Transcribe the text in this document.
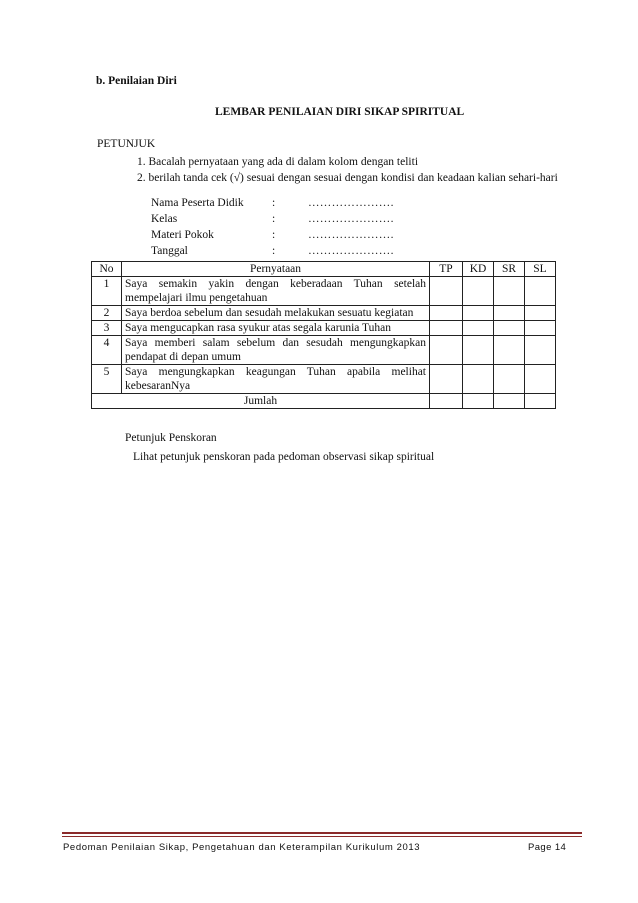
b. Penilaian Diri
LEMBAR PENILAIAN DIRI SIKAP SPIRITUAL
PETUNJUK
1. Bacalah pernyataan yang ada di dalam kolom dengan teliti
2. berilah tanda cek (√) sesuai dengan sesuai dengan kondisi dan keadaan kalian sehari-hari
Nama Peserta Didik :	………………….
Kelas	:	………………….
Materi Pokok	:	………………….
Tanggal	:	………………….
No	Pernyataan	TP	KD	SR	SL
1	Saya semakin yakin dengan keberadaan Tuhan setelah mempelajari ilmu pengetahuan				
2	Saya berdoa sebelum dan sesudah melakukan sesuatu kegiatan				
3	Saya mengucapkan rasa syukur atas segala karunia Tuhan				
4	Saya memberi salam sebelum dan sesudah mengungkapkan pendapat di depan umum				
5	Saya mengungkapkan keagungan Tuhan apabila melihat kebesaranNya				
Jumlah					
Petunjuk Penskoran
Lihat petunjuk penskoran pada pedoman observasi sikap spiritual
Pedoman Penilaian Sikap, Pengetahuan dan Keterampilan Kurikulum 2013	Page 14
